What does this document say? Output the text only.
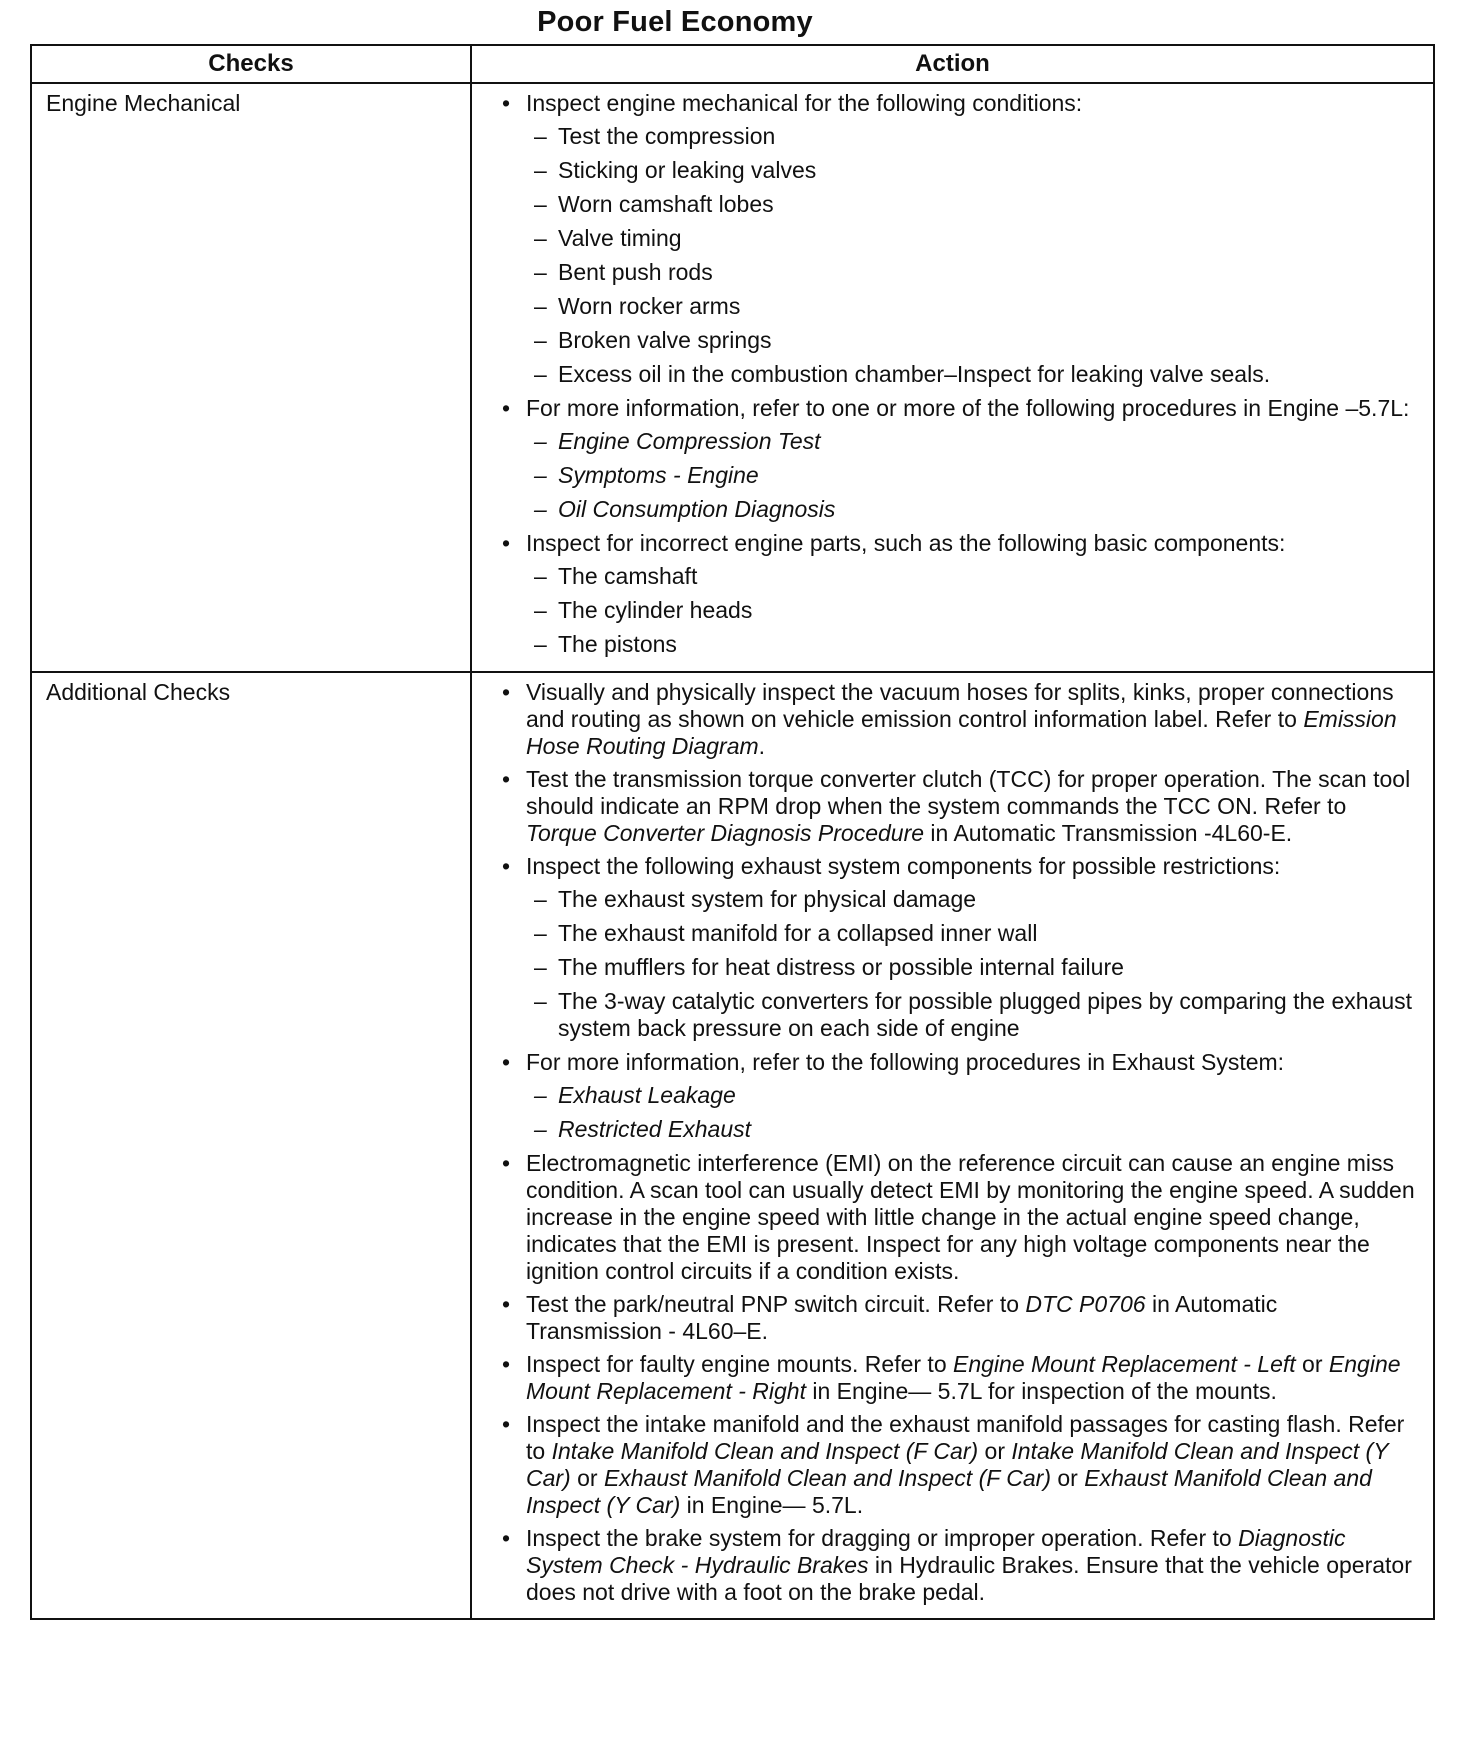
Poor Fuel Economy
Checks	Action
Engine Mechanical	• Inspect engine mechanical for the following conditions:
– Test the compression
– Sticking or leaking valves
– Worn camshaft lobes
– Valve timing
– Bent push rods
– Worn rocker arms
– Broken valve springs
– Excess oil in the combustion chamber–Inspect for leaking valve seals.
• For more information, refer to one or more of the following procedures in Engine –5.7L:
– Engine Compression Test
– Symptoms - Engine
– Oil Consumption Diagnosis
• Inspect for incorrect engine parts, such as the following basic components:
– The camshaft
– The cylinder heads
– The pistons
Additional Checks	• Visually and physically inspect the vacuum hoses for splits, kinks, proper connections and routing as shown on vehicle emission control information label. Refer to Emission Hose Routing Diagram.
• Test the transmission torque converter clutch (TCC) for proper operation. The scan tool should indicate an RPM drop when the system commands the TCC ON. Refer to Torque Converter Diagnosis Procedure in Automatic Transmission -4L60-E.
• Inspect the following exhaust system components for possible restrictions:
– The exhaust system for physical damage
– The exhaust manifold for a collapsed inner wall
– The mufflers for heat distress or possible internal failure
– The 3-way catalytic converters for possible plugged pipes by comparing the exhaust system back pressure on each side of engine
• For more information, refer to the following procedures in Exhaust System:
– Exhaust Leakage
– Restricted Exhaust
• Electromagnetic interference (EMI) on the reference circuit can cause an engine miss condition. A scan tool can usually detect EMI by monitoring the engine speed. A sudden increase in the engine speed with little change in the actual engine speed change, indicates that the EMI is present. Inspect for any high voltage components near the ignition control circuits if a condition exists.
• Test the park/neutral PNP switch circuit. Refer to DTC P0706 in Automatic Transmission - 4L60–E.
• Inspect for faulty engine mounts. Refer to Engine Mount Replacement - Left or Engine Mount Replacement - Right in Engine— 5.7L for inspection of the mounts.
• Inspect the intake manifold and the exhaust manifold passages for casting flash. Refer to Intake Manifold Clean and Inspect (F Car) or Intake Manifold Clean and Inspect (Y Car) or Exhaust Manifold Clean and Inspect (F Car) or Exhaust Manifold Clean and Inspect (Y Car) in Engine— 5.7L.
• Inspect the brake system for dragging or improper operation. Refer to Diagnostic System Check - Hydraulic Brakes in Hydraulic Brakes. Ensure that the vehicle operator does not drive with a foot on the brake pedal.
